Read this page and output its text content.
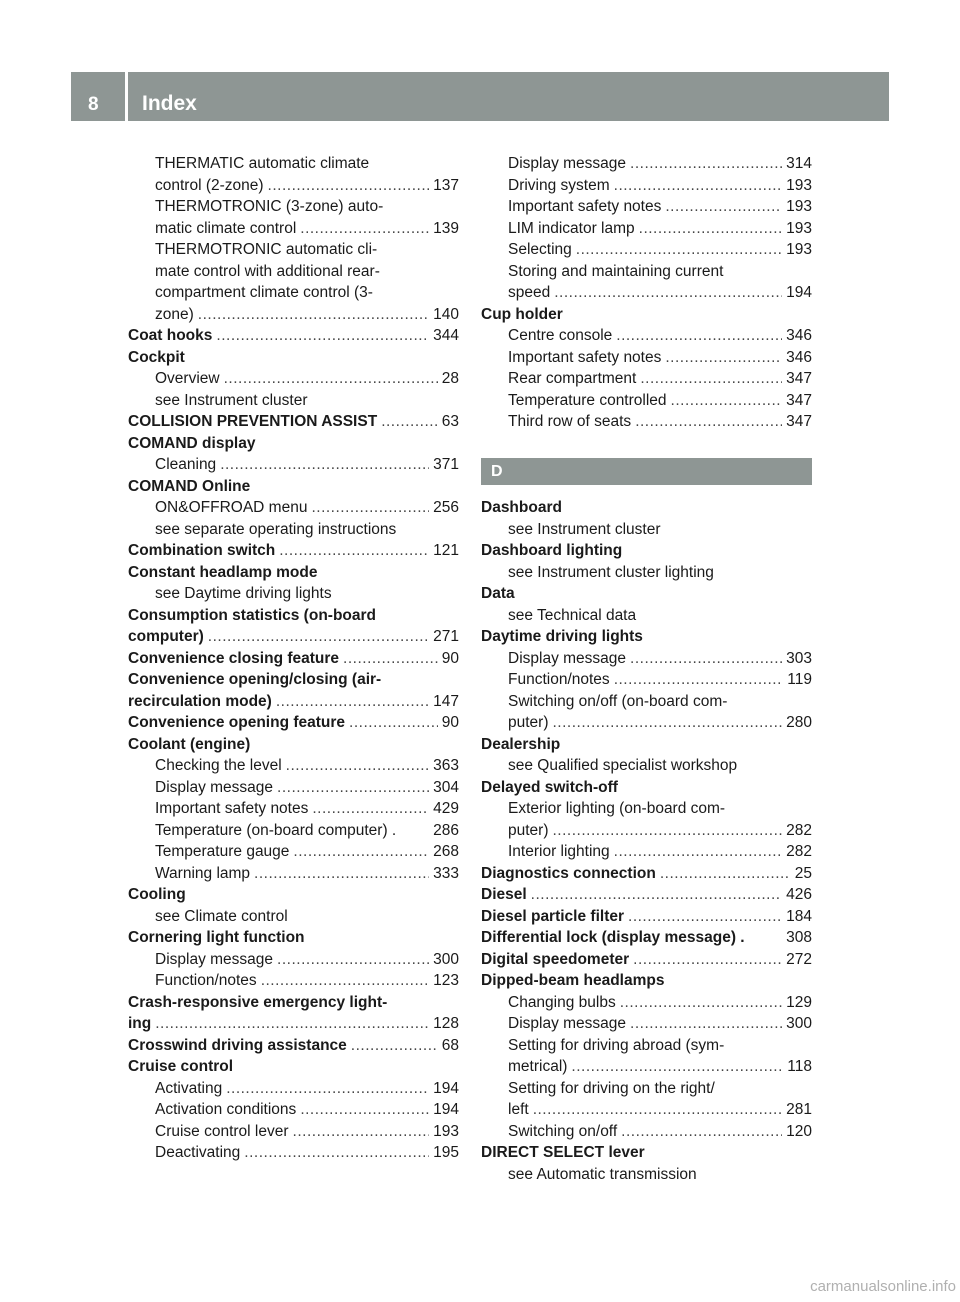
8 Index
THERMATIC automatic climate
control (2-zone) .....	137
THERMOTRONIC (3-zone) auto-
matic climate control .....	139
THERMOTRONIC automatic cli-
mate control with additional rear-
compartment climate control (3-
zone) .....	140
Coat hooks .....	344
Cockpit
Overview .....	28
see Instrument cluster
COLLISION PREVENTION ASSIST .....	63
COMAND display
Cleaning .....	371
COMAND Online
ON&OFFROAD menu .....	256
see separate operating instructions
Combination switch .....	121
Constant headlamp mode
see Daytime driving lights
Consumption statistics (on-board
computer) .....	271
Convenience closing feature .....	90
Convenience opening/closing (air-
recirculation mode) .....	147
Convenience opening feature .....	90
Coolant (engine)
Checking the level .....	363
Display message .....	304
Important safety notes .....	429
Temperature (on-board computer) . 286
Temperature gauge .....	268
Warning lamp .....	333
Cooling
see Climate control
Cornering light function
Display message .....	300
Function/notes .....	123
Crash-responsive emergency light-
ing .....	128
Crosswind driving assistance .....	68
Cruise control
Activating .....	194
Activation conditions .....	194
Cruise control lever .....	193
Deactivating .....	195
Display message .....	314
Driving system .....	193
Important safety notes .....	193
LIM indicator lamp .....	193
Selecting .....	193
Storing and maintaining current
speed .....	194
Cup holder
Centre console .....	346
Important safety notes .....	346
Rear compartment .....	347
Temperature controlled .....	347
Third row of seats .....	347
D
Dashboard
see Instrument cluster
Dashboard lighting
see Instrument cluster lighting
Data
see Technical data
Daytime driving lights
Display message .....	303
Function/notes .....	119
Switching on/off (on-board com-
puter) .....	280
Dealership
see Qualified specialist workshop
Delayed switch-off
Exterior lighting (on-board com-
puter) .....	282
Interior lighting .....	282
Diagnostics connection .....	25
Diesel .....	426
Diesel particle filter .....	184
Differential lock (display message) .	308
Digital speedometer .....	272
Dipped-beam headlamps
Changing bulbs .....	129
Display message .....	300
Setting for driving abroad (sym-
metrical) .....	118
Setting for driving on the right/
left .....	281
Switching on/off .....	120
DIRECT SELECT lever
see Automatic transmission
carmanualsonline.info
